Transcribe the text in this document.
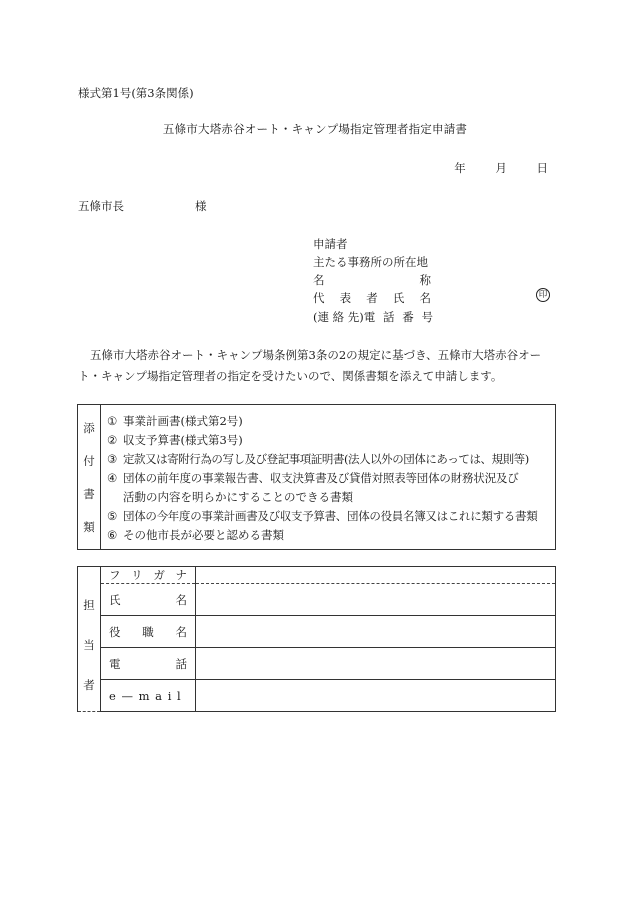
様式第1号(第3条関係)
五條市大塔赤谷オート・キャンプ場指定管理者指定申請書
年	月	日
五條市長	様
申請者
主たる事務所の所在地
名	称
代 表 者 氏 名	印
(連 絡 先) 電 話 番 号
五條市大塔赤谷オート・キャンプ場条例第3条の2の規定に基づき、五條市大塔赤谷オート・キャンプ場指定管理者の指定を受けたいので、関係書類を添えて申請します。
添
付
書
類

① 事業計画書(様式第2号)
② 収支予算書(様式第3号)
③ 定款又は寄附行為の写し及び登記事項証明書(法人以外の団体にあっては、規則等)
④ 団体の前年度の事業報告書、収支決算書及び貸借対照表等団体の財務状況及び
活動の内容を明らかにすることのできる書類
⑤ 団体の今年度の事業計画書及び収支予算書、団体の役員名簿又はこれに類する書類
⑥ その他市長が必要と認める書類
担
当
者	フ リ ガ ナ	

	氏 名	

	役 職 名	

	電 話	

	e — m a i l	
